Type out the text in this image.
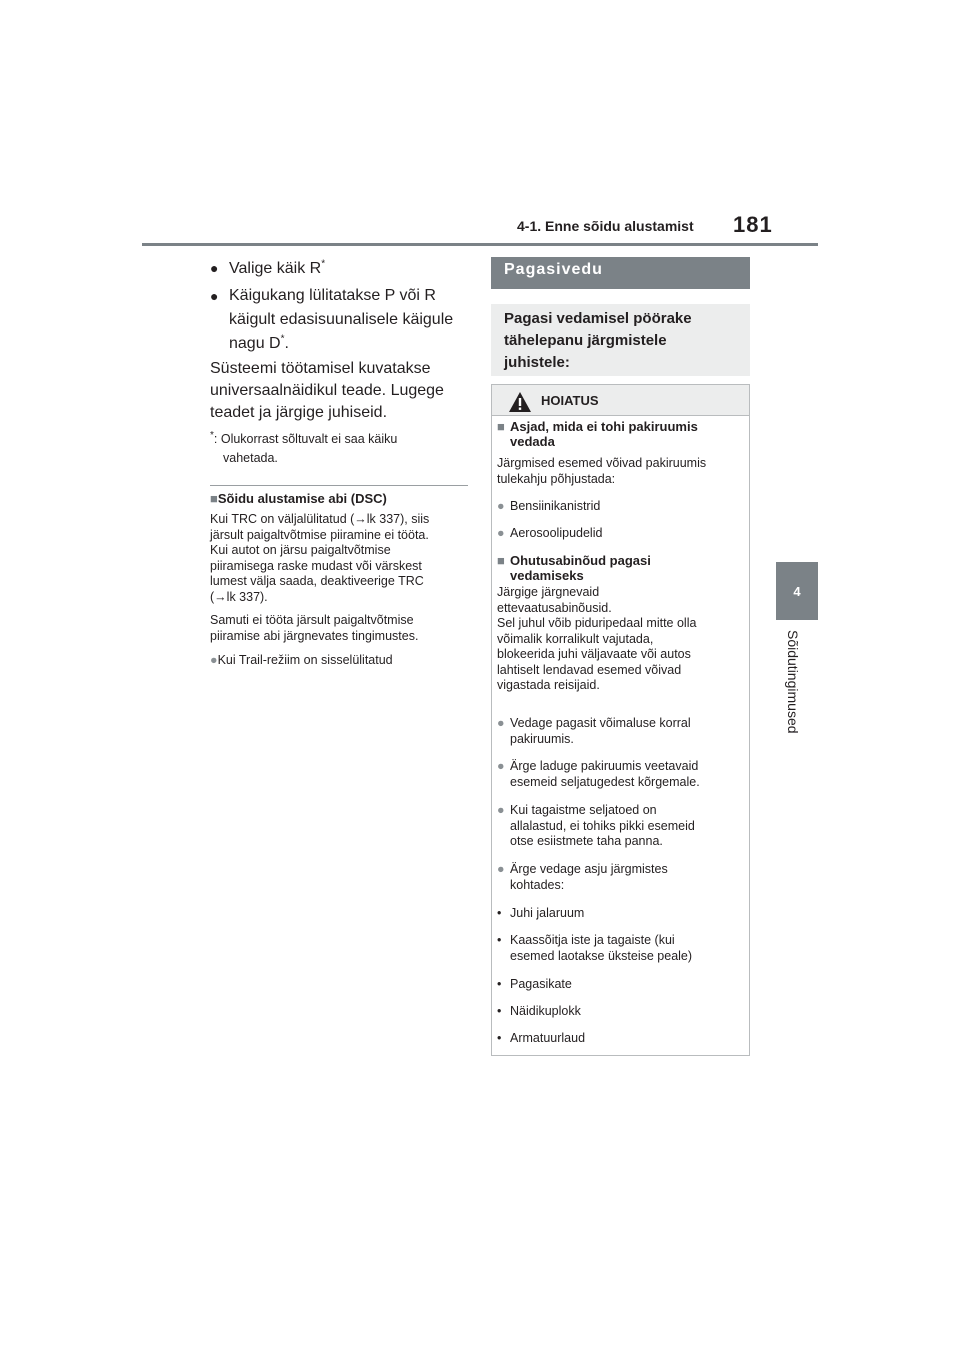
4-1. Enne sõidu alustamist 181
4
Sõidutingimused
● Valige käik R*
● Käigukang lülitatakse P või R
käigult edasisuunalisele käigule
nagu D*.
Süsteemi töötamisel kuvatakse
universaalnäidikul teade. Lugege
teadet ja järgige juhiseid.
*: Olukorrast sõltuvalt ei saa käiku
vahetada.
■Sõidu alustamise abi (DSC)
Kui TRC on väljalülitatud (→lk 337), siis
järsult paigaltvõtmise piiramine ei tööta.
Kui autot on järsu paigaltvõtmise
piiramisega raske mudast või värskest
lumest välja saada, deaktiveerige TRC
(→lk 337).
Samuti ei tööta järsult paigaltvõtmise
piiramise abi järgnevates tingimustes.
●Kui Trail-režiim on sisselülitatud
Pagasivedu
Pagasi vedamisel pöörake
tähelepanu järgmistele
juhistele:
HOIATUS
■ Asjad, mida ei tohi pakiruumis
vedada
Järgmised esemed võivad pakiruumis
tulekahju põhjustada:
● Bensiinikanistrid
● Aerosoolipudelid
■ Ohutusabinõud pagasi
vedamiseks
Järgige järgnevaid
ettevaatusabinõusid.
Sel juhul võib piduripedaal mitte olla
võimalik korralikult vajutada,
blokeerida juhi väljavaate või autos
lahtiselt lendavad esemed võivad
vigastada reisijaid.
● Vedage pagasit võimaluse korral
pakiruumis.
● Ärge laduge pakiruumis veetavaid
esemeid seljatugedest kõrgemale.
● Kui tagaistme seljatoed on
allalastud, ei tohiks pikki esemeid
otse esiistmete taha panna.
● Ärge vedage asju järgmistes
kohtades:
• Juhi jalaruum
• Kaassõitja iste ja tagaiste (kui
esemed laotakse üksteise peale)
• Pagasikate
• Näidikuplokk
• Armatuurlaud
